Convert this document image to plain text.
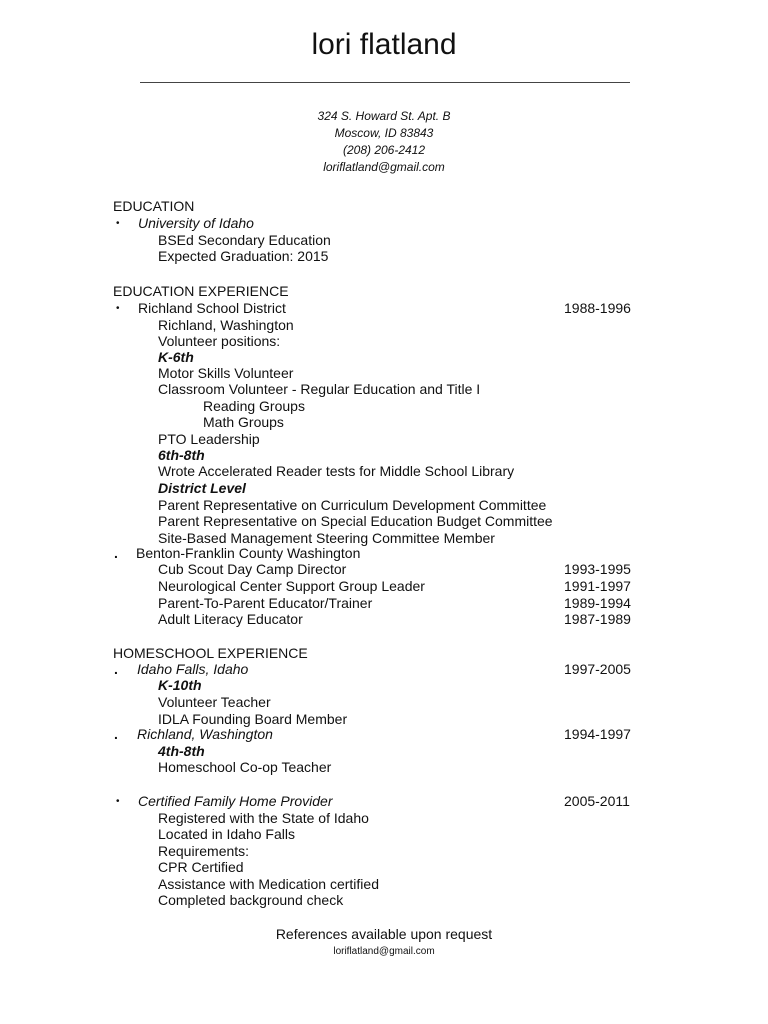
lori flatland
324 S. Howard St. Apt. B
Moscow, ID 83843
(208) 206-2412
loriflatland@gmail.com
EDUCATION
• University of Idaho
BSEd Secondary Education
Expected Graduation: 2015
EDUCATION EXPERIENCE
• Richland School District	1988-1996
Richland, Washington
Volunteer positions:
K-6th
Motor Skills Volunteer
Classroom Volunteer - Regular Education and Title I
Reading Groups
Math Groups
PTO Leadership
6th-8th
Wrote Accelerated Reader tests for Middle School Library
District Level
Parent Representative on Curriculum Development Committee
Parent Representative on Special Education Budget Committee
Site-Based Management Steering Committee Member
. Benton-Franklin County Washington
Cub Scout Day Camp Director	1993-1995
Neurological Center Support Group Leader	1991-1997
Parent-To-Parent Educator/Trainer	1989-1994
Adult Literacy Educator	1987-1989
HOMESCHOOL EXPERIENCE
. Idaho Falls, Idaho	1997-2005
K-10th
Volunteer Teacher
IDLA Founding Board Member
. Richland, Washington	1994-1997
4th-8th
Homeschool Co-op Teacher
• Certified Family Home Provider	2005-2011
Registered with the State of Idaho
Located in Idaho Falls
Requirements:
CPR Certified
Assistance with Medication certified
Completed background check
References available upon request
loriflatland@gmail.com
